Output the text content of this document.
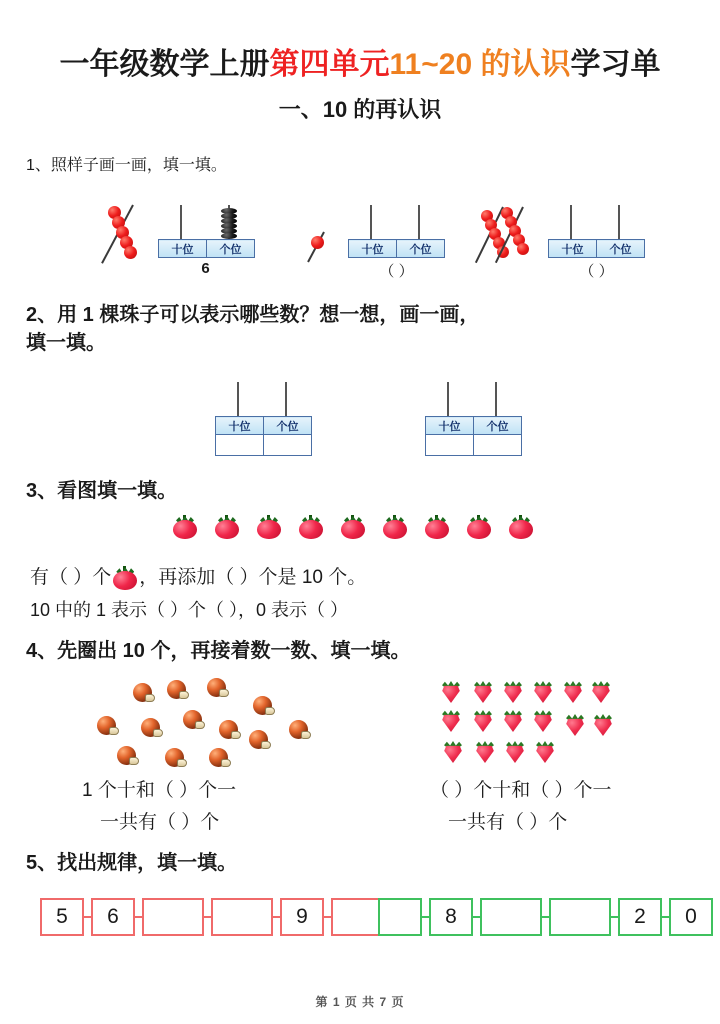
一年级数学上册第四单元11~20 的认识学习单
一、10 的再认识
1、照样子画一画，填一填。
十位	个位
6
十位	个位
（ ）
十位	个位
（ ）
2、用 1 棵珠子可以表示哪些数？想一想，画一画，
填一填。
十位	个位
		十位	个位

3、看图填一填。
有（ ）个 ，再添加（ ）个是 10 个。
10 中的 1 表示（ ）个（ ），0 表示（ ）
4、先圈出 10 个，再接着数一数、填一填。
1 个十和（ ）个一
一共有（ ）个
（ ）个十和（ ）个一
一共有（ ）个
5、找出规律，填一填。
5	6	9	8	2	0
第 1 页 共 7 页
